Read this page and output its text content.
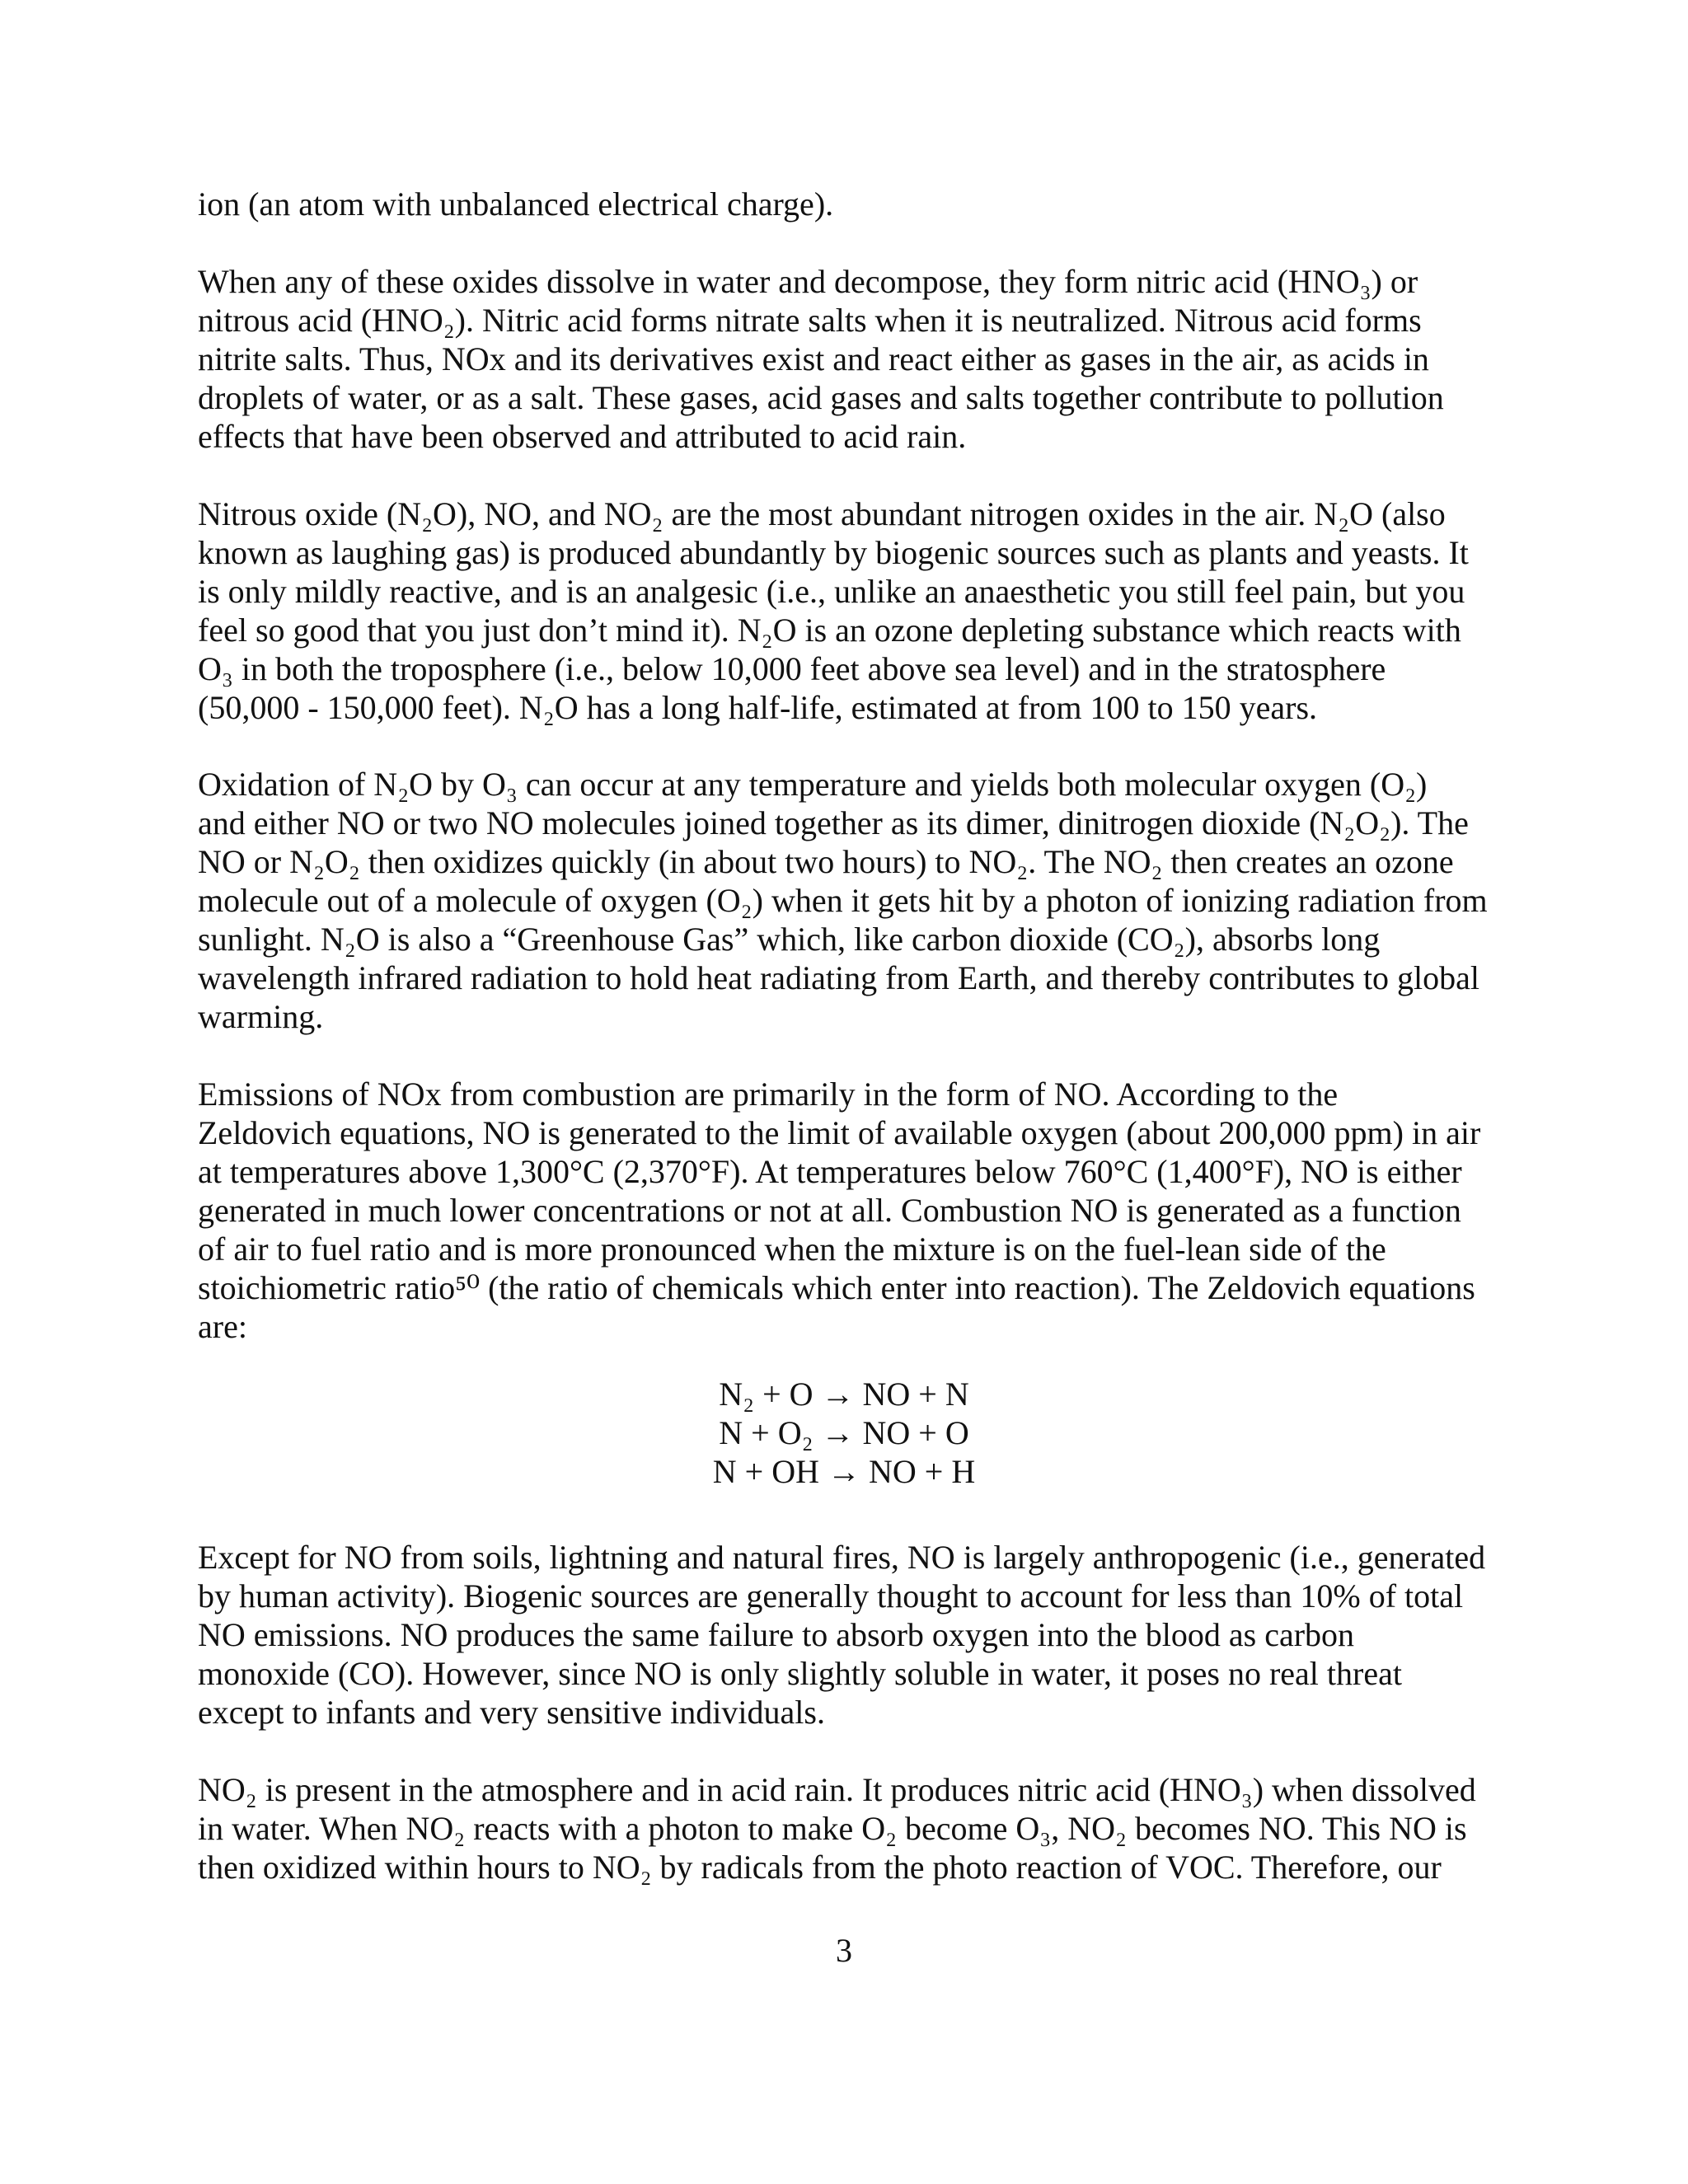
ion (an atom with unbalanced electrical charge).
When any of these oxides dissolve in water and decompose, they form nitric acid (HNO₃) or
nitrous acid (HNO₂). Nitric acid forms nitrate salts when it is neutralized. Nitrous acid forms
nitrite salts. Thus, NOx and its derivatives exist and react either as gases in the air, as acids in
droplets of water, or as a salt. These gases, acid gases and salts together contribute to pollution
effects that have been observed and attributed to acid rain.
Nitrous oxide (N₂O), NO, and NO₂ are the most abundant nitrogen oxides in the air. N₂O (also
known as laughing gas) is produced abundantly by biogenic sources such as plants and yeasts. It
is only mildly reactive, and is an analgesic (i.e., unlike an anaesthetic you still feel pain, but you
feel so good that you just don’t mind it). N₂O is an ozone depleting substance which reacts with
O₃ in both the troposphere (i.e., below 10,000 feet above sea level) and in the stratosphere
(50,000 - 150,000 feet). N₂O has a long half-life, estimated at from 100 to 150 years.
Oxidation of N₂O by O₃ can occur at any temperature and yields both molecular oxygen (O₂)
and either NO or two NO molecules joined together as its dimer, dinitrogen dioxide (N₂O₂). The
NO or N₂O₂ then oxidizes quickly (in about two hours) to NO₂. The NO₂ then creates an ozone
molecule out of a molecule of oxygen (O₂) when it gets hit by a photon of ionizing radiation from
sunlight. N₂O is also a “Greenhouse Gas” which, like carbon dioxide (CO₂), absorbs long
wavelength infrared radiation to hold heat radiating from Earth, and thereby contributes to global
warming.
Emissions of NOx from combustion are primarily in the form of NO. According to the
Zeldovich equations, NO is generated to the limit of available oxygen (about 200,000 ppm) in air
at temperatures above 1,300°C (2,370°F). At temperatures below 760°C (1,400°F), NO is either
generated in much lower concentrations or not at all. Combustion NO is generated as a function
of air to fuel ratio and is more pronounced when the mixture is on the fuel-lean side of the
stoichiometric ratio⁵⁰ (the ratio of chemicals which enter into reaction). The Zeldovich equations
are:
N₂ + O → NO + N
N + O₂ → NO + O
N + OH → NO + H
Except for NO from soils, lightning and natural fires, NO is largely anthropogenic (i.e., generated
by human activity). Biogenic sources are generally thought to account for less than 10% of total
NO emissions. NO produces the same failure to absorb oxygen into the blood as carbon
monoxide (CO). However, since NO is only slightly soluble in water, it poses no real threat
except to infants and very sensitive individuals.
NO₂ is present in the atmosphere and in acid rain. It produces nitric acid (HNO₃) when dissolved
in water. When NO₂ reacts with a photon to make O₂ become O₃, NO₂ becomes NO. This NO is
then oxidized within hours to NO₂ by radicals from the photo reaction of VOC. Therefore, our
3
